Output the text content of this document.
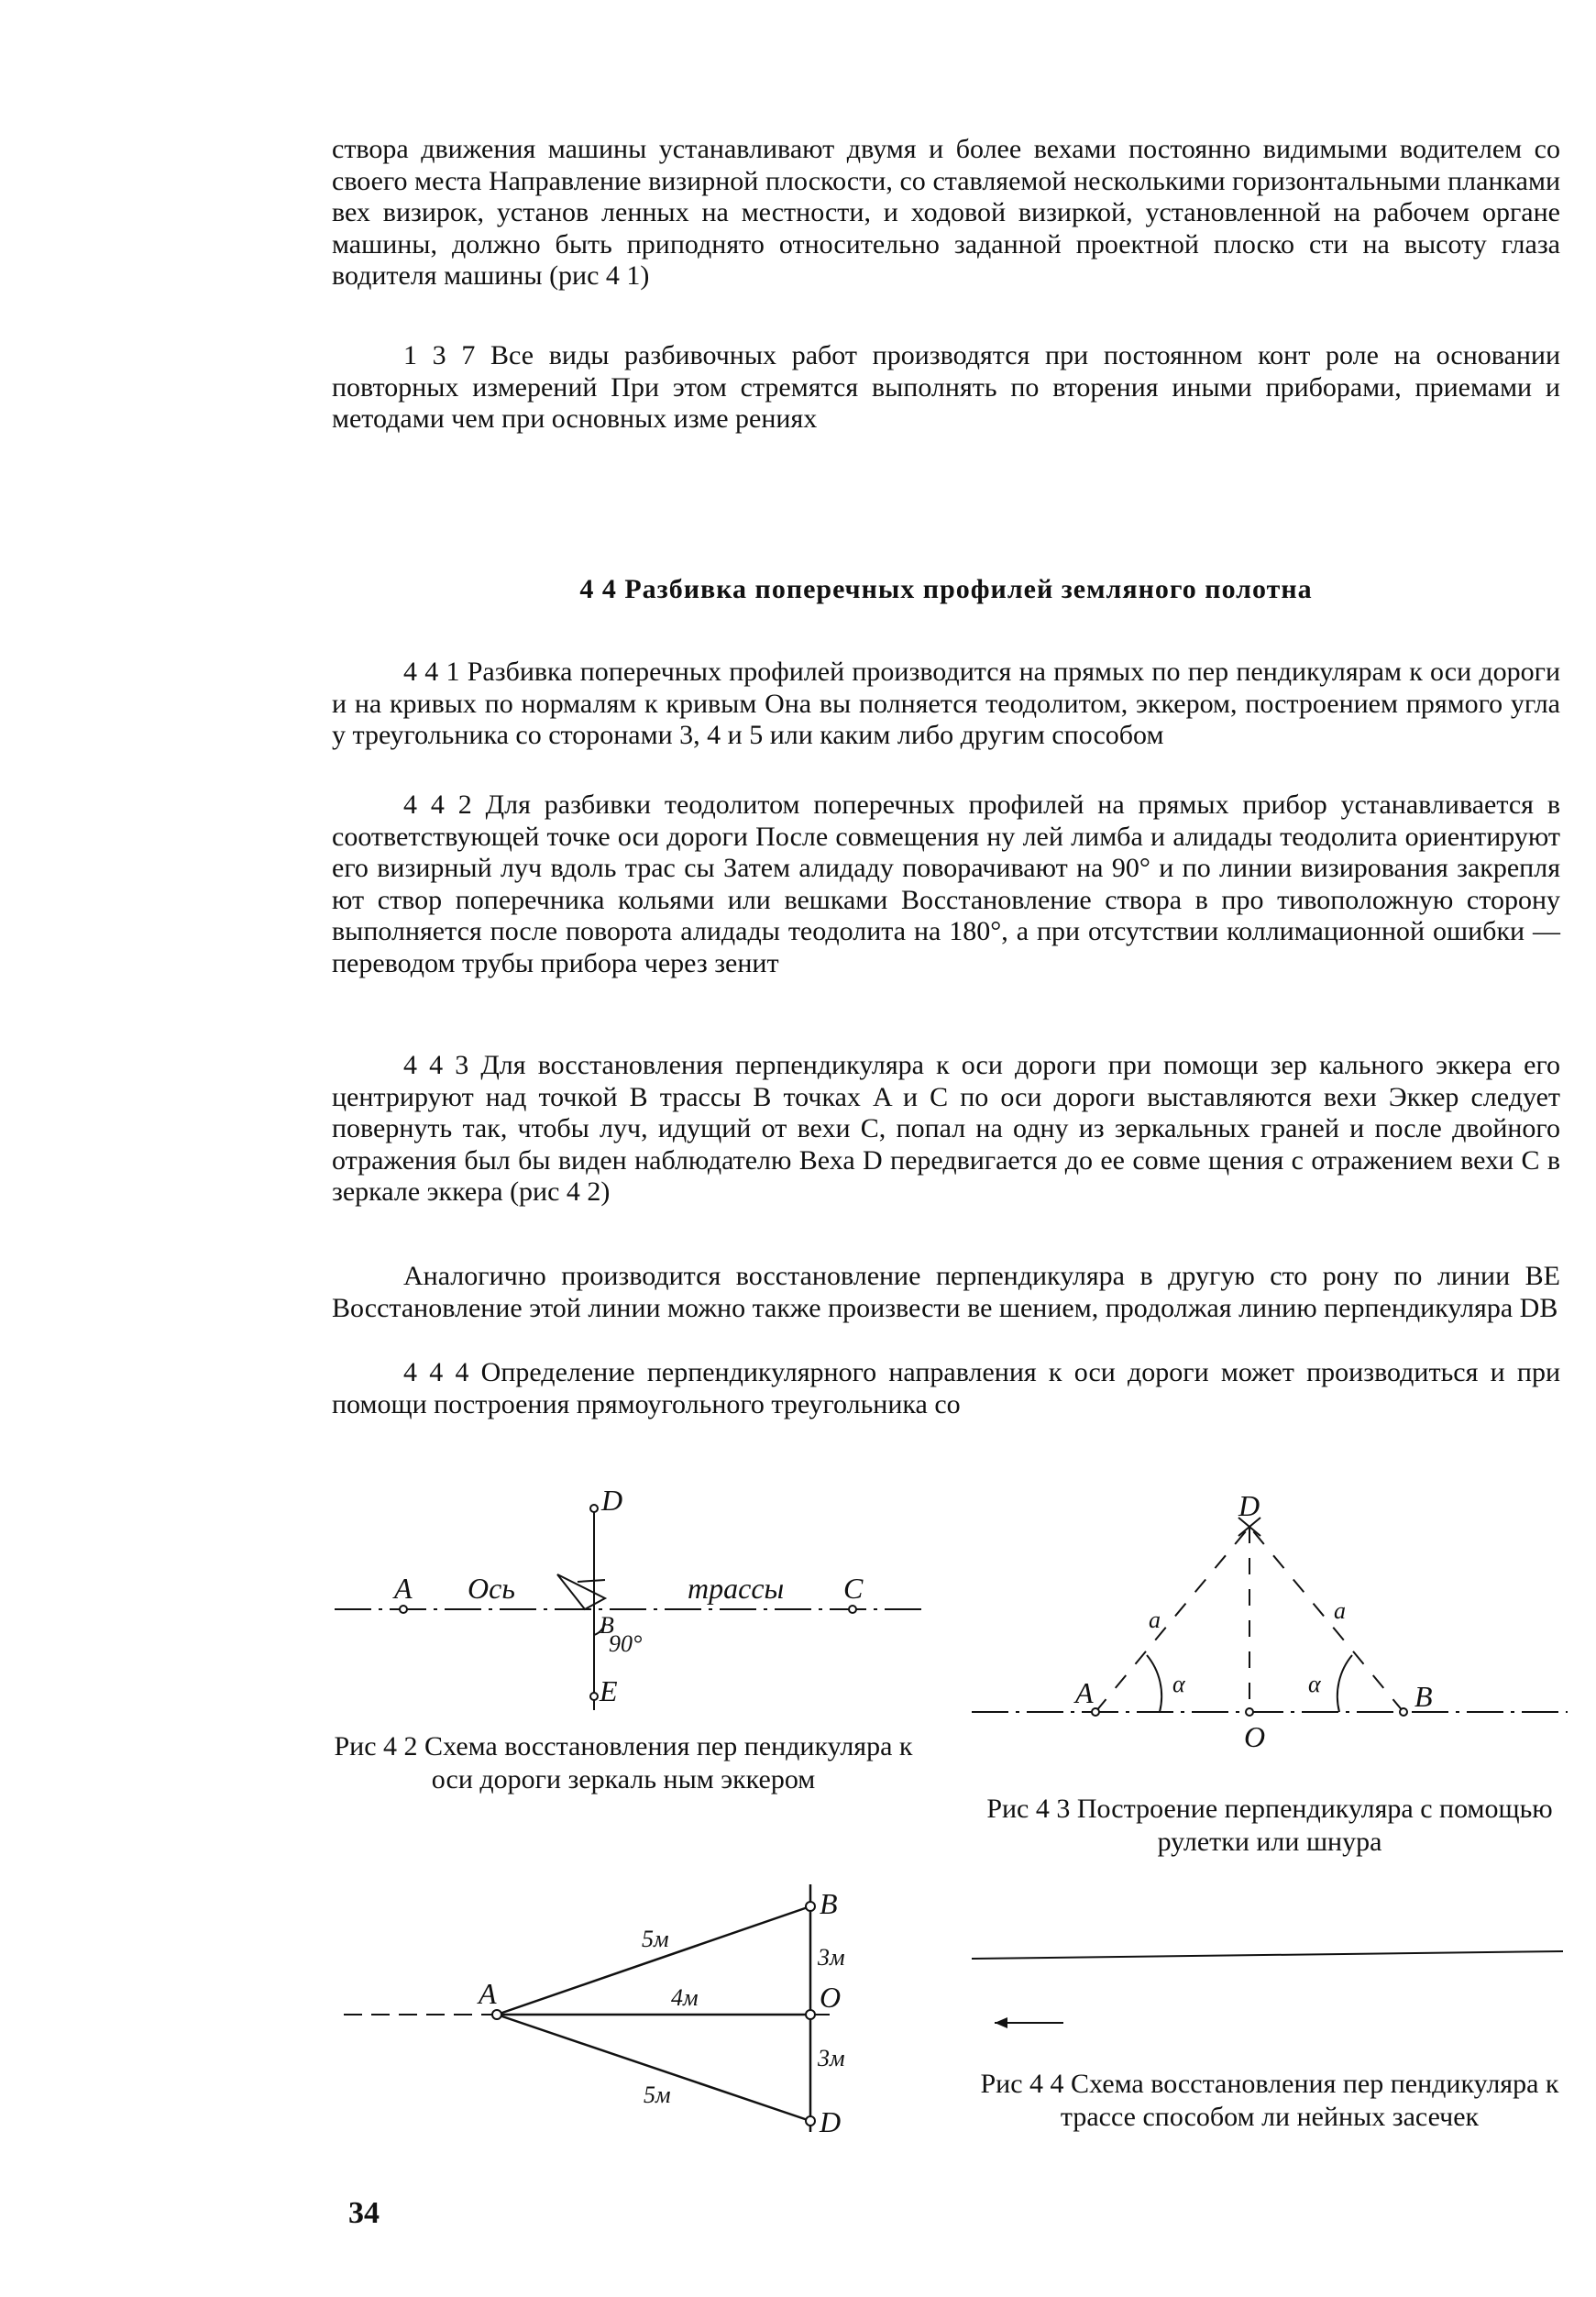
створа движения машины устанавливают двумя и более вехами постоянно видимыми водителем со своего места Направление визирной плоскости, со ставляемой несколькими горизонтальными планками вех визирок, установ ленных на местности, и ходовой визиркой, установленной на рабочем органе машины, должно быть приподнято относительно заданной проектной плоско сти на высоту глаза водителя машины (рис 4 1)

1 3 7 Все виды разбивочных работ производятся при постоянном конт роле на основании повторных измерений При этом стремятся выполнять по вторения иными приборами, приемами и методами чем при основных изме рениях

4 4 Разбивка поперечных профилей земляного полотна

4 4 1 Разбивка поперечных профилей производится на прямых по пер пендикулярам к оси дороги и на кривых по нормалям к кривым Она вы полняется теодолитом, эккером, построением прямого угла у треугольника со сторонами 3, 4 и 5 или каким либо другим способом

4 4 2 Для разбивки теодолитом поперечных профилей на прямых прибор устанавливается в соответствующей точке оси дороги После совмещения ну лей лимба и алидады теодолита ориентируют его визирный луч вдоль трас сы Затем алидаду поворачивают на 90° и по линии визирования закрепля ют створ поперечника кольями или вешками Восстановление створа в про тивоположную сторону выполняется после поворота алидады теодолита на 180°, а при отсутствии коллимационной ошибки — переводом трубы прибора через зенит

4 4 3 Для восстановления перпендикуляра к оси дороги при помощи зер кального эккера его центрируют над точкой B трассы В точках A и C по оси дороги выставляются вехи Эккер следует повернуть так, чтобы луч, идущий от вехи C, попал на одну из зеркальных граней и после двойного отражения был бы виден наблюдателю Веха D передвигается до ее совме щения с отражением вехи C в зеркале эккера (рис 4 2)

Аналогично производится восстановление перпендикуляра в другую сто рону по линии BE Восстановление этой линии можно также произвести ве шением, продолжая линию перпендикуляра DB

4 4 4 Определение перпендикулярного направления к оси дороги может производиться и при помощи построения прямоугольного треугольника со

A Ось	трассы C
D
B
90°
E

Рис 4 2 Схема восстановления пер пендикуляра к оси дороги зеркаль ным эккером

D
A	B
O
α	α
a	a

Рис 4 3 Построение перпендикуляра с помощью рулетки или шнура

A
B
O
D
5м
4м
3м
3м
5м	Рис 4 4 Схема восстановления пер пендикуляра к трассе способом ли нейных засечек

34
